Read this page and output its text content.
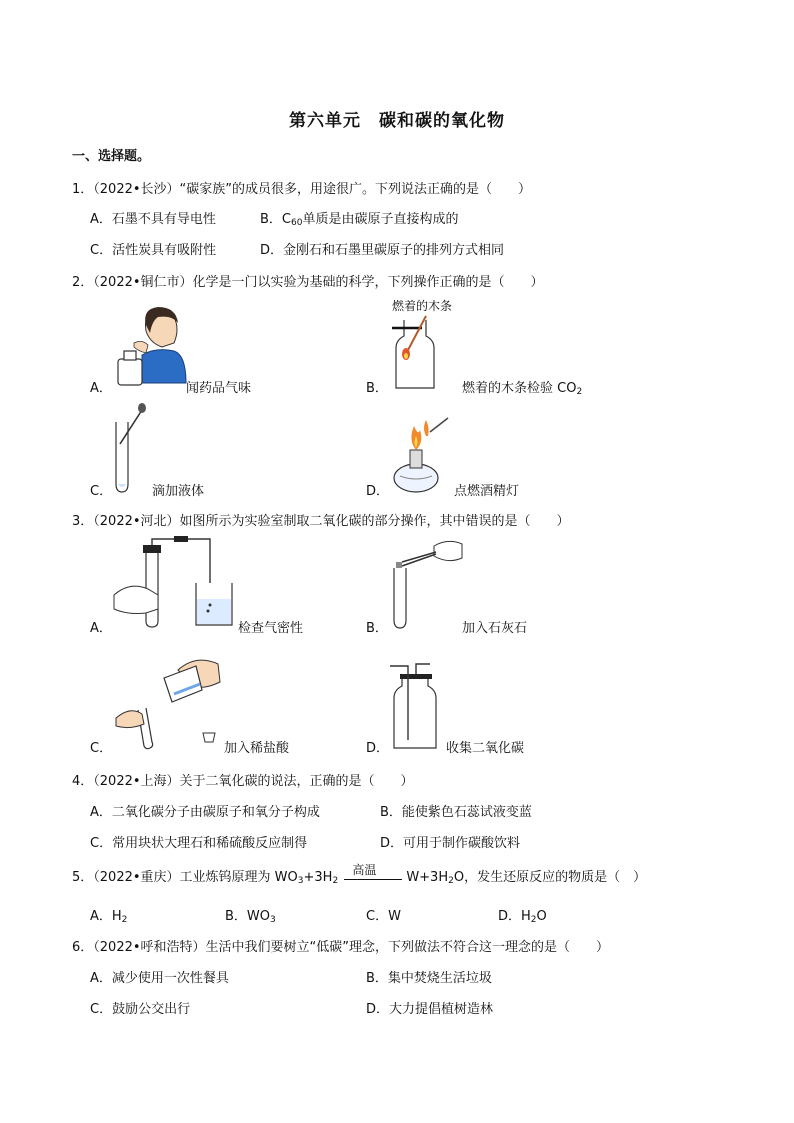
第六单元　碳和碳的氧化物
一、选择题。
1．（2022•长沙）“碳家族”的成员很多，用途很广。下列说法正确的是（　　）
A．石墨不具有导电性	B．$C_{60}$单质是由碳原子直接构成的
C．活性炭具有吸附性	D．金刚石和石墨里碳原子的排列方式相同
2．（2022•铜仁市）化学是一门以实验为基础的科学，下列操作正确的是（　　）
A．	闻药品气味
燃着的木条
B．	燃着的木条检验 $CO_2$
C．	滴加液体	D．	点燃酒精灯
3．（2022•河北）如图所示为实验室制取二氧化碳的部分操作，其中错误的是（　　）
A．	检查气密性	B．	加入石灰石
C．	加入稀盐酸	D．	收集二氧化碳
4．（2022•上海）关于二氧化碳的说法，正确的是（　　）
A．二氧化碳分子由碳原子和氧分子构成	B．能使紫色石蕊试液变蓝
C．常用块状大理石和稀硫酸反应制得	D．可用于制作碳酸饮料
5．（2022•重庆）工业炼钨原理为 $WO_3+3H_2$
高温
$W+3H_2O$，发生还原反应的物质是（　）
A．$H_2$	B．$WO_3$	C．W	D．$H_2O$
6．（2022•呼和浩特）生活中我们要树立“低碳”理念，下列做法不符合这一理念的是（　　）
A．减少使用一次性餐具	B．集中焚烧生活垃圾
C．鼓励公交出行	D．大力提倡植树造林
